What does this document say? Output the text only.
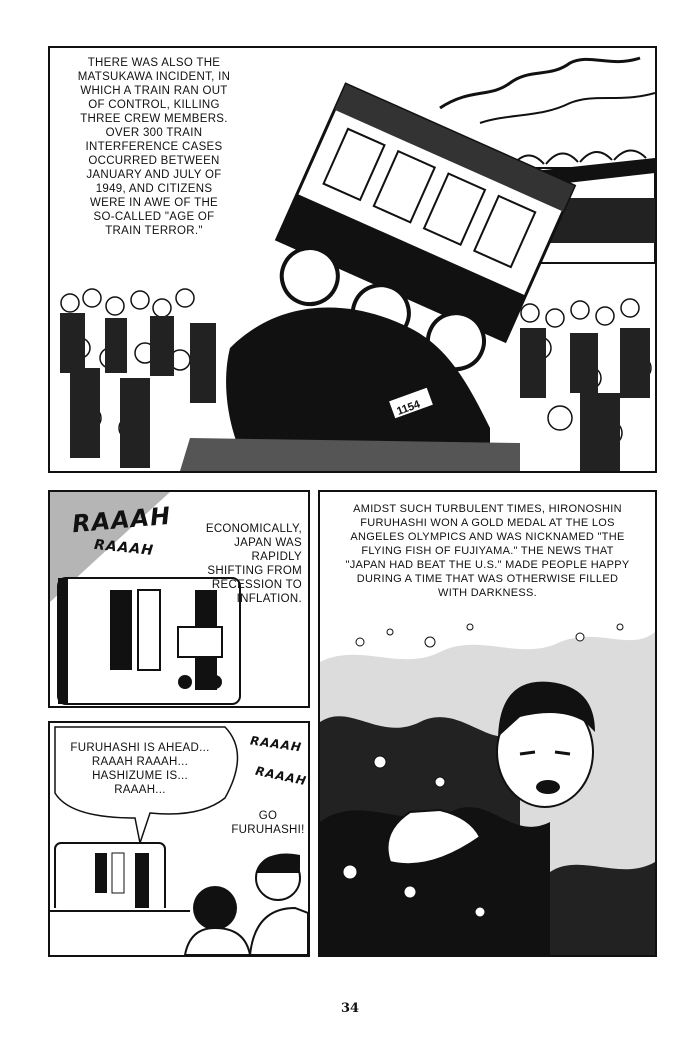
1154
THERE WAS ALSO THE
MATSUKAWA INCIDENT, IN
WHICH A TRAIN RAN OUT
OF CONTROL, KILLING
THREE CREW MEMBERS.
OVER 300 TRAIN
INTERFERENCE CASES
OCCURRED BETWEEN
JANUARY AND JULY OF
1949, AND CITIZENS
WERE IN AWE OF THE
SO-CALLED "AGE OF
TRAIN TERROR."
RAAAH
RAAAH
ECONOMICALLY,
JAPAN WAS
RAPIDLY
SHIFTING FROM
RECESSION TO
INFLATION.
FURUHASHI IS AHEAD...
RAAAH RAAAH...
HASHIZUME IS...
RAAAH...
RAAAH
RAAAH
GO
FURUHASHI!
AMIDST SUCH TURBULENT TIMES, HIRONOSHIN
FURUHASHI WON A GOLD MEDAL AT THE LOS
ANGELES OLYMPICS AND WAS NICKNAMED "THE
FLYING FISH OF FUJIYAMA." THE NEWS THAT
"JAPAN HAD BEAT THE U.S." MADE PEOPLE HAPPY
DURING A TIME THAT WAS OTHERWISE FILLED
WITH DARKNESS.
34
